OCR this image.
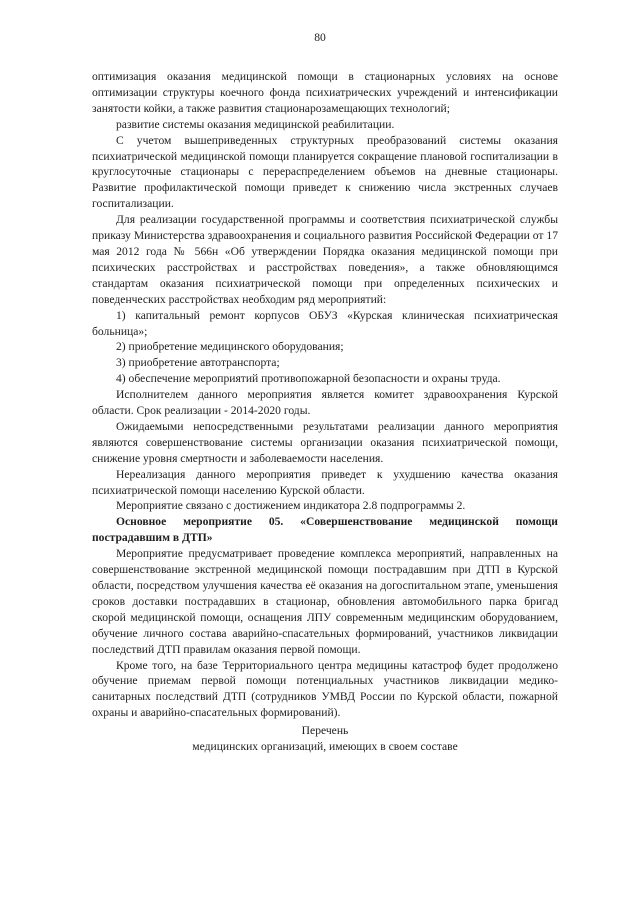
80

оптимизация оказания медицинской помощи в стационарных условиях на основе оптимизации структуры коечного фонда психиатрических учреждений и интенсификации занятости койки, а также развития стационарозамещающих технологий;

развитие системы оказания медицинской реабилитации.

С учетом вышеприведенных структурных преобразований системы оказания психиатрической медицинской помощи планируется сокращение плановой госпитализации в круглосуточные стационары с перераспределением объемов на дневные стационары. Развитие профилактической помощи приведет к снижению числа экстренных случаев госпитализации.

Для реализации государственной программы и соответствия психиатрической службы приказу Министерства здравоохранения и социального развития Российской Федерации от 17 мая 2012 года № 566н «Об утверждении Порядка оказания медицинской помощи при психических расстройствах и расстройствах поведения», а также обновляющимся стандартам оказания психиатрической помощи при определенных психических и поведенческих расстройствах необходим ряд мероприятий:

1) капитальный ремонт корпусов ОБУЗ «Курская клиническая психиатрическая больница»;

2) приобретение медицинского оборудования;

3) приобретение автотранспорта;

4) обеспечение мероприятий противопожарной безопасности и охраны труда.

Исполнителем данного мероприятия является комитет здравоохранения Курской области. Срок реализации - 2014-2020 годы.

Ожидаемыми непосредственными результатами реализации данного мероприятия являются совершенствование системы организации оказания психиатрической помощи, снижение уровня смертности и заболеваемости населения.

Нереализация данного мероприятия приведет к ухудшению качества оказания психиатрической помощи населению Курской области.

Мероприятие связано с достижением индикатора 2.8 подпрограммы 2.

Основное мероприятие 05. «Совершенствование медицинской помощи пострадавшим в ДТП»

Мероприятие предусматривает проведение комплекса мероприятий, направленных на совершенствование экстренной медицинской помощи пострадавшим при ДТП в Курской области, посредством улучшения качества её оказания на догоспитальном этапе, уменьшения сроков доставки пострадавших в стационар, обновления автомобильного парка бригад скорой медицинской помощи, оснащения ЛПУ современным медицинским оборудованием, обучение личного состава аварийно-спасательных формирований, участников ликвидации последствий ДТП правилам оказания первой помощи.

Кроме того, на базе Территориального центра медицины катастроф будет продолжено обучение приемам первой помощи потенциальных участников ликвидации медико-санитарных последствий ДТП (сотрудников УМВД России по Курской области, пожарной охраны и аварийно-спасательных формирований).

Перечень

медицинских организаций, имеющих в своем составе
